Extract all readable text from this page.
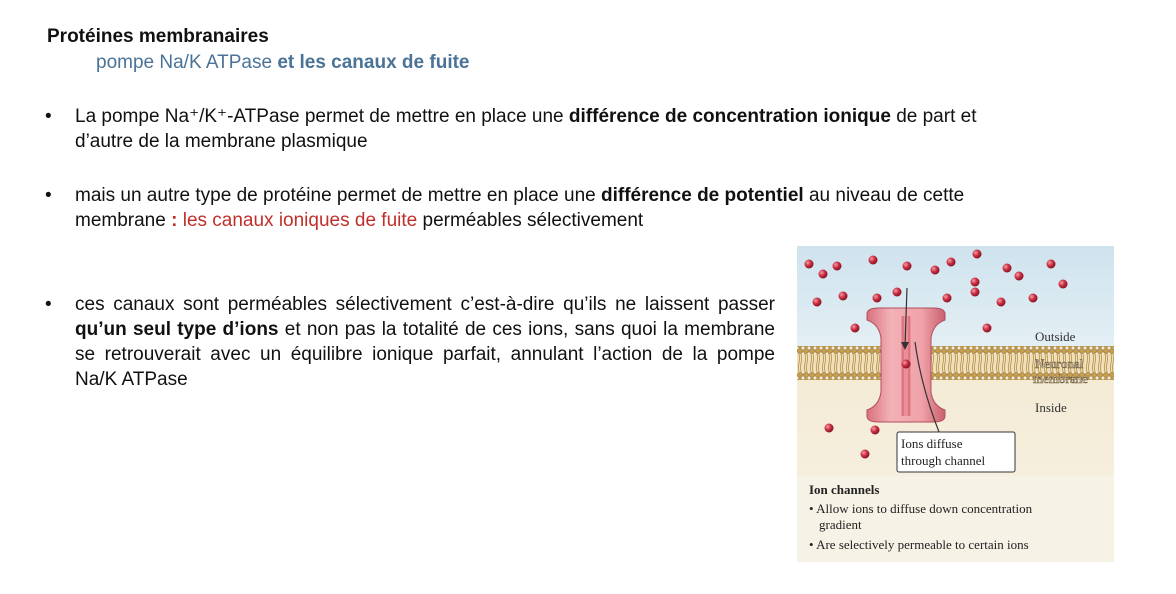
Protéines membranaires
pompe Na/K ATPase et les canaux de fuite
• La pompe Na⁺/K⁺-ATPase permet de mettre en place une différence de concentration ionique de part et
d’autre de la membrane plasmique
• mais un autre type de protéine permet de mettre en place une différence de potentiel au niveau de cette
membrane : les canaux ioniques de fuite perméables sélectivement
• ces canaux sont perméables sélectivement c’est-à-dire qu’ils ne laissent passer qu’un seul type d’ions et non pas la totalité de ces ions, sans quoi la membrane se retrouverait avec un équilibre ionique parfait, annulant l’action de la pompe Na/K ATPase
Outside
Neuronal
membrane
Inside
Ions diffuse
through channel
Ion channels
• Allow ions to diffuse down concentration
gradient
• Are selectively permeable to certain ions
